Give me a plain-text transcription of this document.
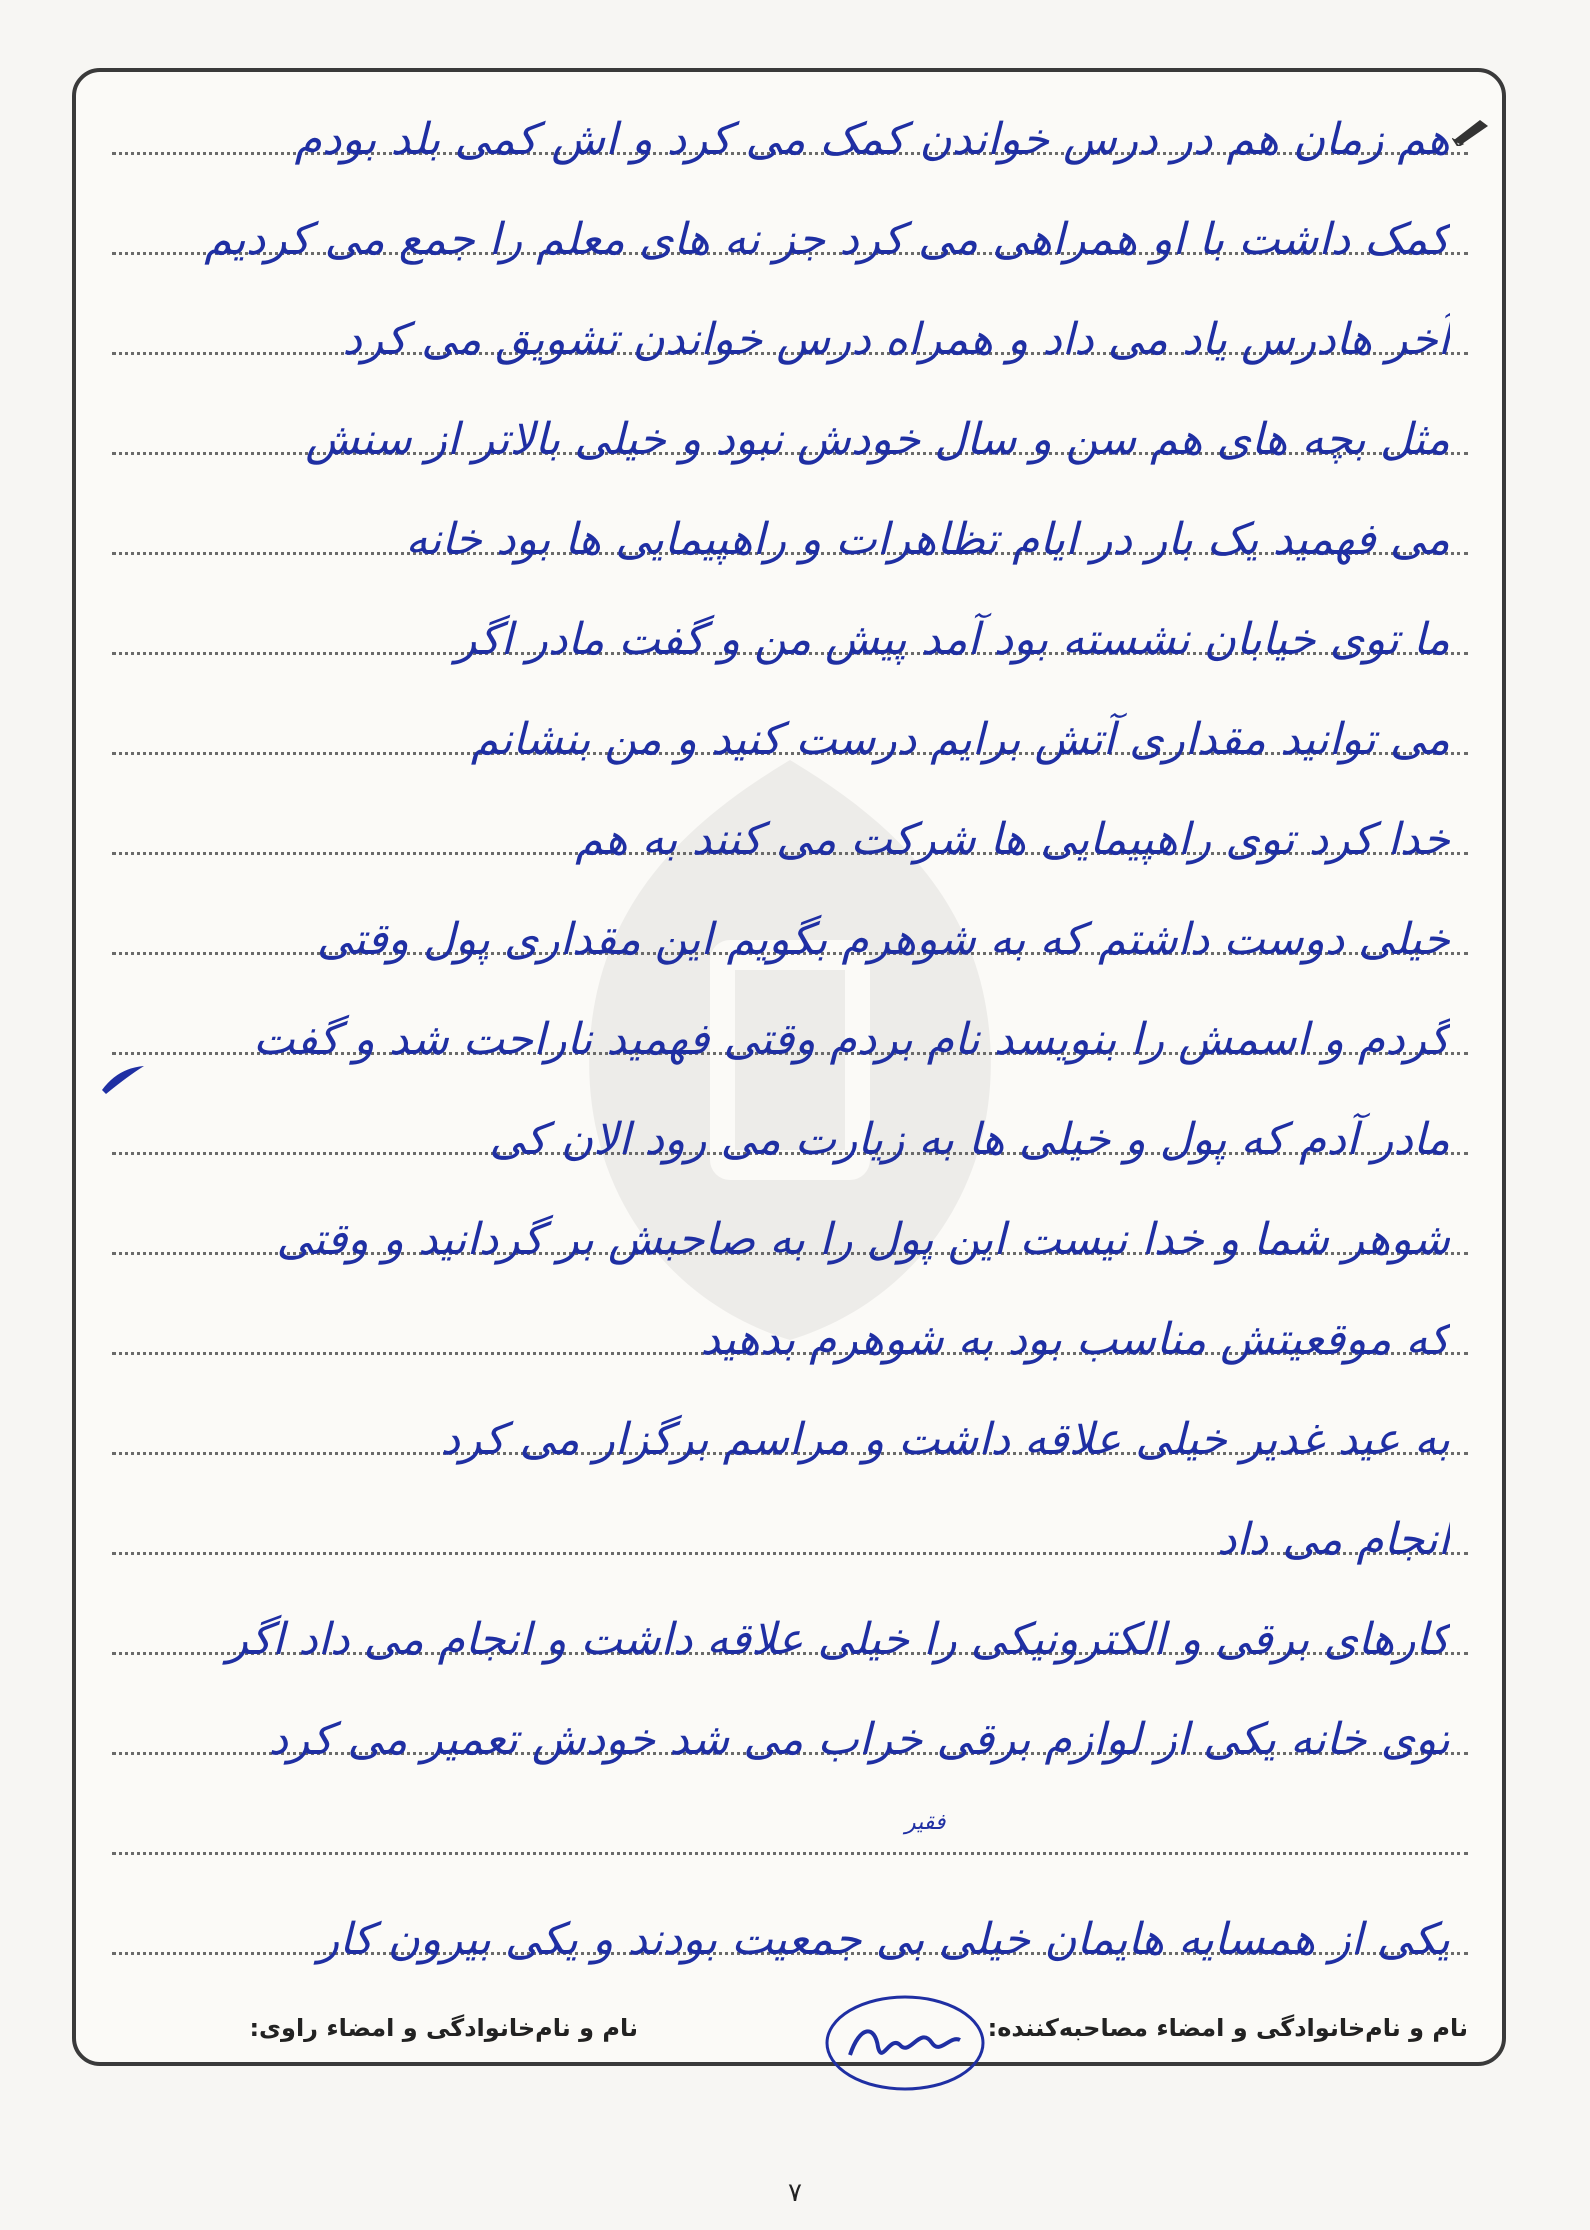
هم زمان هم در درس خواندن کمک می کرد و اش کمی بلد بودم
کمک داشت با او همراهی می کرد جز نه های معلم را جمع می کردیم
آخر هادرس یاد می داد و همراه درس خواندن تشویق می کرد
مثل بچه های هم سن و سال خودش نبود و خیلی بالاتر از سنش
می فهمید یک بار در ایام تظاهرات و راهپیمایی ها بود خانه
ما توی خیابان نشسته بود آمد پیش من و گفت مادر اگر
می توانید مقداری آتش برایم درست کنید و من بنشانم
خدا کرد توی راهپیمایی ها شرکت می کنند به هم
خیلی دوست داشتم که به شوهرم بگویم این مقداری پول وقتی
گردم و اسمش را بنویسد نام بردم وقتی فهمید ناراحت شد و گفت
مادر آدم که پول و خیلی ها به زیارت می رود الان کی
شوهر شما و خدا نیست این پول را به صاحبش بر گردانید و وقتی
که موقعیتش مناسب بود به شوهرم بدهید
به عید غدیر خیلی علاقه داشت و مراسم برگزار می کرد
انجام می داد
کارهای برقی و الکترونیکی را خیلی علاقه داشت و انجام می داد اگر
توی خانه یکی از لوازم برقی خراب می شد خودش تعمیر می کرد
یکی از همسایه هایمان خیلی بی جمعیت بودند و یکی بیرون کار
فقیر
نام و نام‌خانوادگی و امضاء مصاحبه‌کننده:
نام و نام‌خانوادگی و امضاء راوی:
۷
